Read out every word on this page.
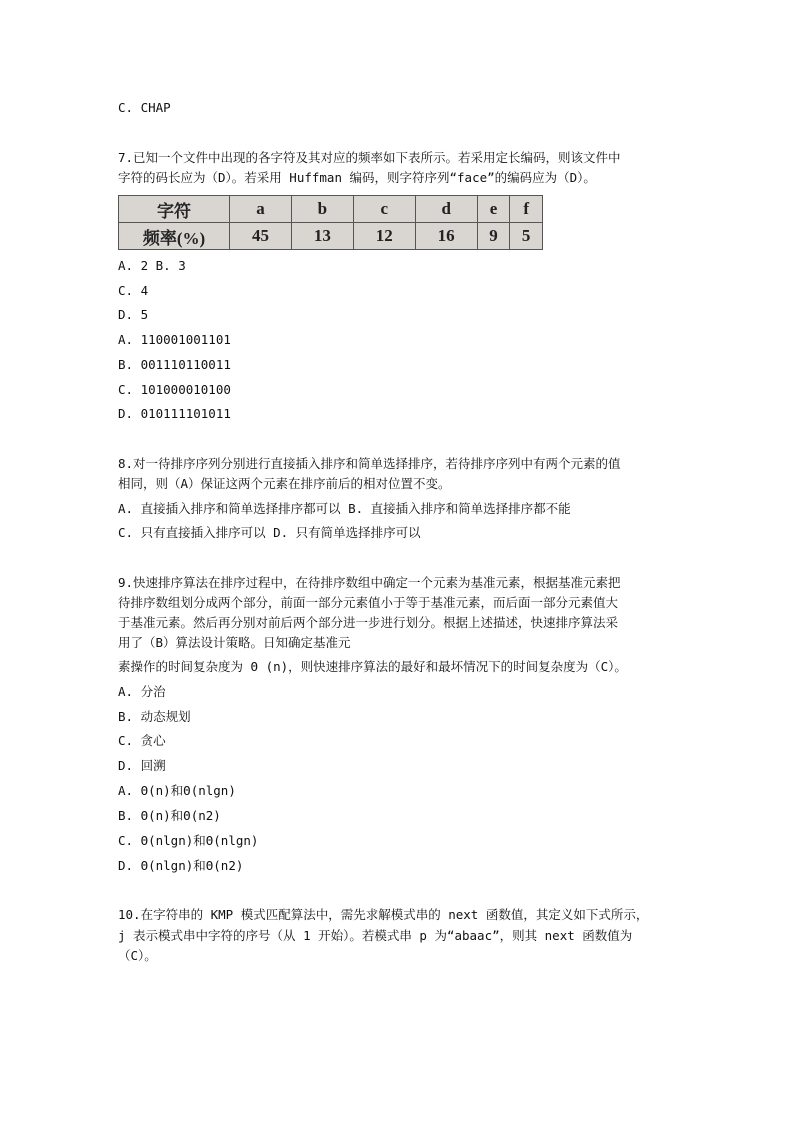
C. CHAP
7.已知一个文件中出现的各字符及其对应的频率如下表所示。若采用定长编码，则该文件中
字符的码长应为（D）。若采用 Huffman 编码，则字符序列“face”的编码应为（D）。
字符	a	b	c	d	e	f
频率(%)	45	13	12	16	9	5
A. 2 B. 3
C. 4
D. 5
A. 110001001101
B. 001110110011
C. 101000010100
D. 010111101011
8.对一待排序序列分别进行直接插入排序和简单选择排序，若待排序序列中有两个元素的值
相同，则（A）保证这两个元素在排序前后的相对位置不变。
A. 直接插入排序和简单选择排序都可以 B. 直接插入排序和简单选择排序都不能
C. 只有直接插入排序可以 D. 只有简单选择排序可以
9.快速排序算法在排序过程中，在待排序数组中确定一个元素为基准元素，根据基准元素把
待排序数组划分成两个部分，前面一部分元素值小于等于基准元素，而后面一部分元素值大
于基准元素。然后再分别对前后两个部分进一步进行划分。根据上述描述，快速排序算法采
用了（B）算法设计策略。日知确定基准元
素操作的时间复杂度为 Θ (n)，则快速排序算法的最好和最坏情况下的时间复杂度为（C）。
A. 分治
B. 动态规划
C. 贪心
D. 回溯
A. Θ(n)和Θ(nlgn)
B. Θ(n)和Θ(n2)
C. Θ(nlgn)和Θ(nlgn)
D. Θ(nlgn)和Θ(n2)
10.在字符串的 KMP 模式匹配算法中，需先求解模式串的 next 函数值，其定义如下式所示，
j 表示模式串中字符的序号（从 1 开始）。若模式串 p 为“abaac”，则其 next 函数值为
（C）。
